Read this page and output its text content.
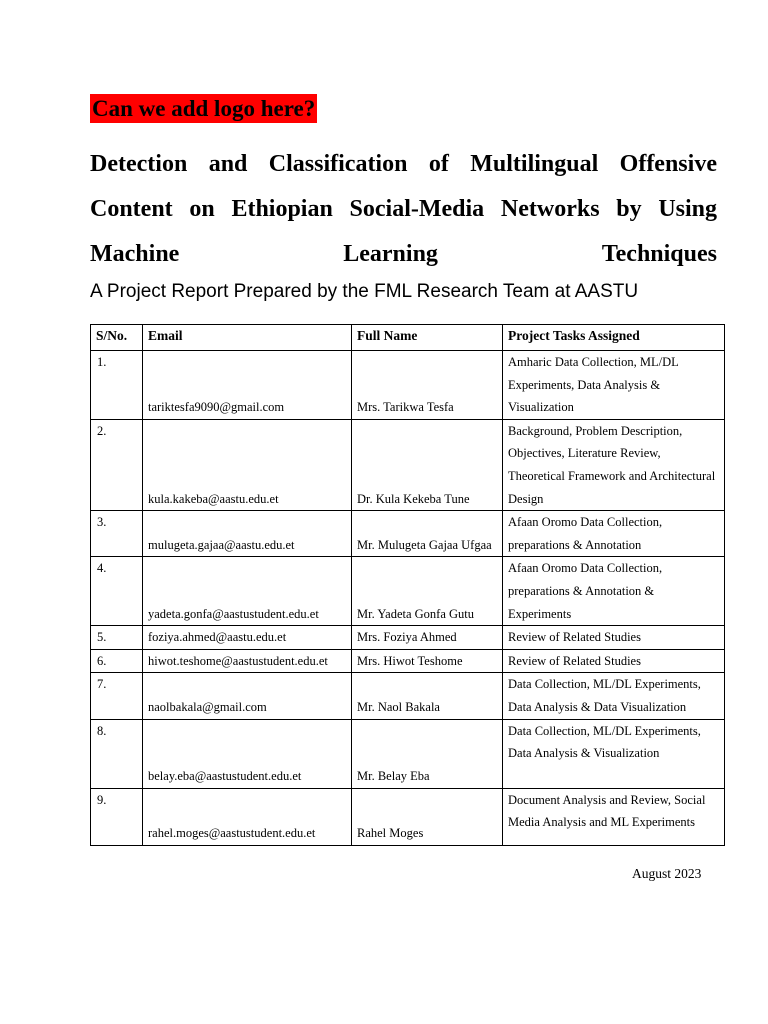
Can we add logo here?
Detection and Classification of Multilingual Offensive
Content on Ethiopian Social-Media Networks by Using
Machine	Learning	Techniques
A Project Report Prepared by the FML Research Team at AASTU
S/No.	Email	Full Name	Project Tasks Assigned
1.	tariktesfa9090@gmail.com	Mrs. Tarikwa Tesfa	Amharic Data Collection, ML/DL Experiments, Data Analysis & Visualization
2.	kula.kakeba@aastu.edu.et	Dr. Kula Kekeba Tune	Background, Problem Description, Objectives, Literature Review, Theoretical Framework and Architectural Design
3.	mulugeta.gajaa@aastu.edu.et	Mr. Mulugeta Gajaa Ufgaa	Afaan Oromo Data Collection, preparations & Annotation
4.	yadeta.gonfa@aastustudent.edu.et	Mr. Yadeta Gonfa Gutu	Afaan Oromo Data Collection, preparations & Annotation & Experiments
5.	foziya.ahmed@aastu.edu.et	Mrs. Foziya Ahmed	Review of Related Studies
6.	hiwot.teshome@aastustudent.edu.et	Mrs. Hiwot Teshome	Review of Related Studies
7.	naolbakala@gmail.com	Mr. Naol Bakala	Data Collection, ML/DL Experiments, Data Analysis & Data Visualization
8.	belay.eba@aastustudent.edu.et	Mr. Belay Eba	Data Collection, ML/DL Experiments, Data Analysis & Visualization
9.	rahel.moges@aastustudent.edu.et	Rahel Moges	Document Analysis and Review, Social Media Analysis and ML Experiments
August 2023
